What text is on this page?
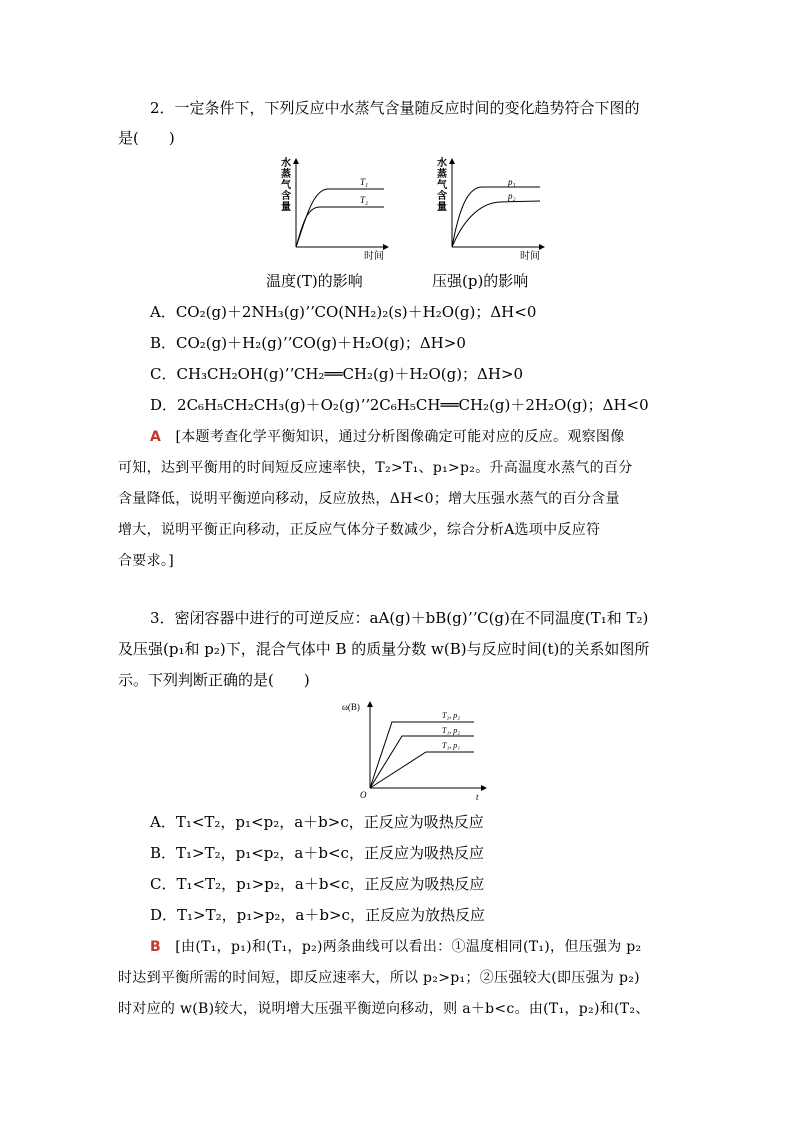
2．一定条件下，下列反应中水蒸气含量随反应时间的变化趋势符合下图的
是(　　)
T₁
T₂
时间
水蒸气含量
温度(T)的影响
p₁
p₂
时间
水蒸气含量
压强(p)的影响
A．CO₂(g)＋2NH₃(g)ʼʼCO(NH₂)₂(s)＋H₂O(g)；ΔH<0
B．CO₂(g)＋H₂(g)ʼʼCO(g)＋H₂O(g)；ΔH>0
C．CH₃CH₂OH(g)ʼʼCH₂══CH₂(g)＋H₂O(g)；ΔH>0
D．2C₆H₅CH₂CH₃(g)＋O₂(g)ʼʼ2C₆H₅CH══CH₂(g)＋2H₂O(g)；ΔH<0
A　 [本题考查化学平衡知识，通过分析图像确定可能对应的反应。观察图像
可知，达到平衡用的时间短反应速率快，T₂>T₁、p₁>p₂。升高温度水蒸气的百分
含量降低，说明平衡逆向移动，反应放热，ΔH<0；增大压强水蒸气的百分含量
增大，说明平衡正向移动，正反应气体分子数减少，综合分析A选项中反应符
合要求。]
3．密闭容器中进行的可逆反应：aA(g)＋bB(g)ʼʼC(g)在不同温度(T₁和 T₂)
及压强(p₁和 p₂)下，混合气体中 B 的质量分数 w(B)与反应时间(t)的关系如图所
示。下列判断正确的是(　　)
T₂, p₂
T₁, p₂
T₁, p₁
ω(B)
t
O
A．T₁<T₂，p₁<p₂，a＋b>c，正反应为吸热反应
B．T₁>T₂，p₁<p₂，a＋b<c，正反应为吸热反应
C．T₁<T₂，p₁>p₂，a＋b<c，正反应为吸热反应
D．T₁>T₂，p₁>p₂，a＋b>c，正反应为放热反应
B　 [由(T₁，p₁)和(T₁，p₂)两条曲线可以看出：①温度相同(T₁)，但压强为 p₂
时达到平衡所需的时间短，即反应速率大，所以 p₂>p₁；②压强较大(即压强为 p₂)
时对应的 w(B)较大，说明增大压强平衡逆向移动，则 a＋b<c。由(T₁，p₂)和(T₂、
